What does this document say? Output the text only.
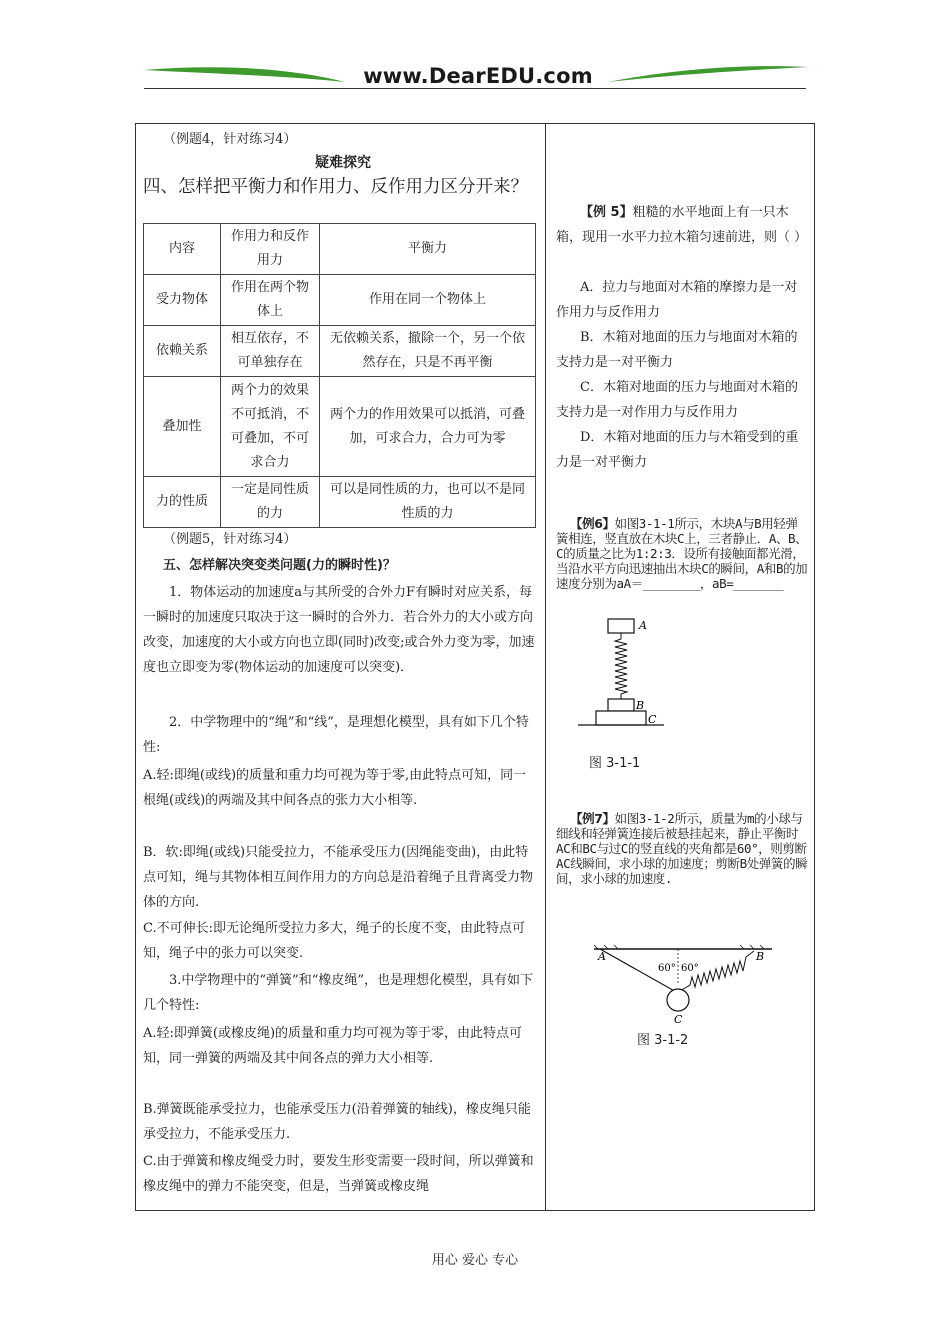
www.DearEDU.com
（例题4，针对练习4）
疑难探究
四、怎样把平衡力和作用力、反作用力区分开来？
内容	作用力和反作用力	平衡力
受力物体	作用在两个物体上	作用在同一个物体上
依赖关系	相互依存，不可单独存在	无依赖关系，撤除一个，另一个依然存在，只是不再平衡
叠加性	两个力的效果不可抵消，不可叠加，不可求合力	两个力的作用效果可以抵消，可叠加，可求合力，合力可为零
力的性质	一定是同性质的力	可以是同性质的力，也可以不是同性质的力
（例题5，针对练习4）
五、怎样解决突变类问题(力的瞬时性)？
1．物体运动的加速度a与其所受的合外力F有瞬时对应关系，每一瞬时的加速度只取决于这一瞬时的合外力．若合外力的大小或方向改变，加速度的大小或方向也立即(同时)改变;或合外力变为零，加速度也立即变为零(物体运动的加速度可以突变)．
2．中学物理中的“绳”和“线”，是理想化模型，具有如下几个特性:
A.轻:即绳(或线)的质量和重力均可视为等于零,由此特点可知，同一根绳(或线)的两端及其中间各点的张力大小相等.
B．软:即绳(或线)只能受拉力，不能承受压力(因绳能变曲)，由此特点可知，绳与其物体相互间作用力的方向总是沿着绳子且背离受力物体的方向.
C.不可伸长:即无论绳所受拉力多大，绳子的长度不变，由此特点可知，绳子中的张力可以突变.
3.中学物理中的“弹簧”和“橡皮绳”，也是理想化模型，具有如下几个特性:
A.轻:即弹簧(或橡皮绳)的质量和重力均可视为等于零，由此特点可知，同一弹簧的两端及其中间各点的弹力大小相等.
B.弹簧既能承受拉力，也能承受压力(沿着弹簧的轴线)，橡皮绳只能承受拉力，不能承受压力.
C.由于弹簧和橡皮绳受力时，要发生形变需要一段时间，所以弹簧和橡皮绳中的弹力不能突变，但是，当弹簧或橡皮绳
【例 5】粗糙的水平地面上有一只木箱，现用一水平力拉木箱匀速前进，则（ ）
A．拉力与地面对木箱的摩擦力是一对作用力与反作用力
B．木箱对地面的压力与地面对木箱的支持力是一对平衡力
C．木箱对地面的压力与地面对木箱的支持力是一对作用力与反作用力
D．木箱对地面的压力与木箱受到的重力是一对平衡力
【例6】如图3-1-1所示，木块A与B用轻弹簧相连，竖直放在木块C上，三者静止．A、B、C的质量之比为1:2:3．设所有接触面都光滑，当沿水平方向迅速抽出木块C的瞬间，A和B的加速度分别为aA＝________，aB=_______
A
B
C
图 3-1-1
【例7】如图3-1-2所示，质量为m的小球与细线和轻弹簧连接后被悬挂起来，静止平衡时AC和BC与过C的竖直线的夹角都是60°，则剪断AC线瞬间，求小球的加速度；剪断B处弹簧的瞬间，求小球的加速度.
A	B
C
60° 60°
图 3-1-2
用心 爱心 专心
